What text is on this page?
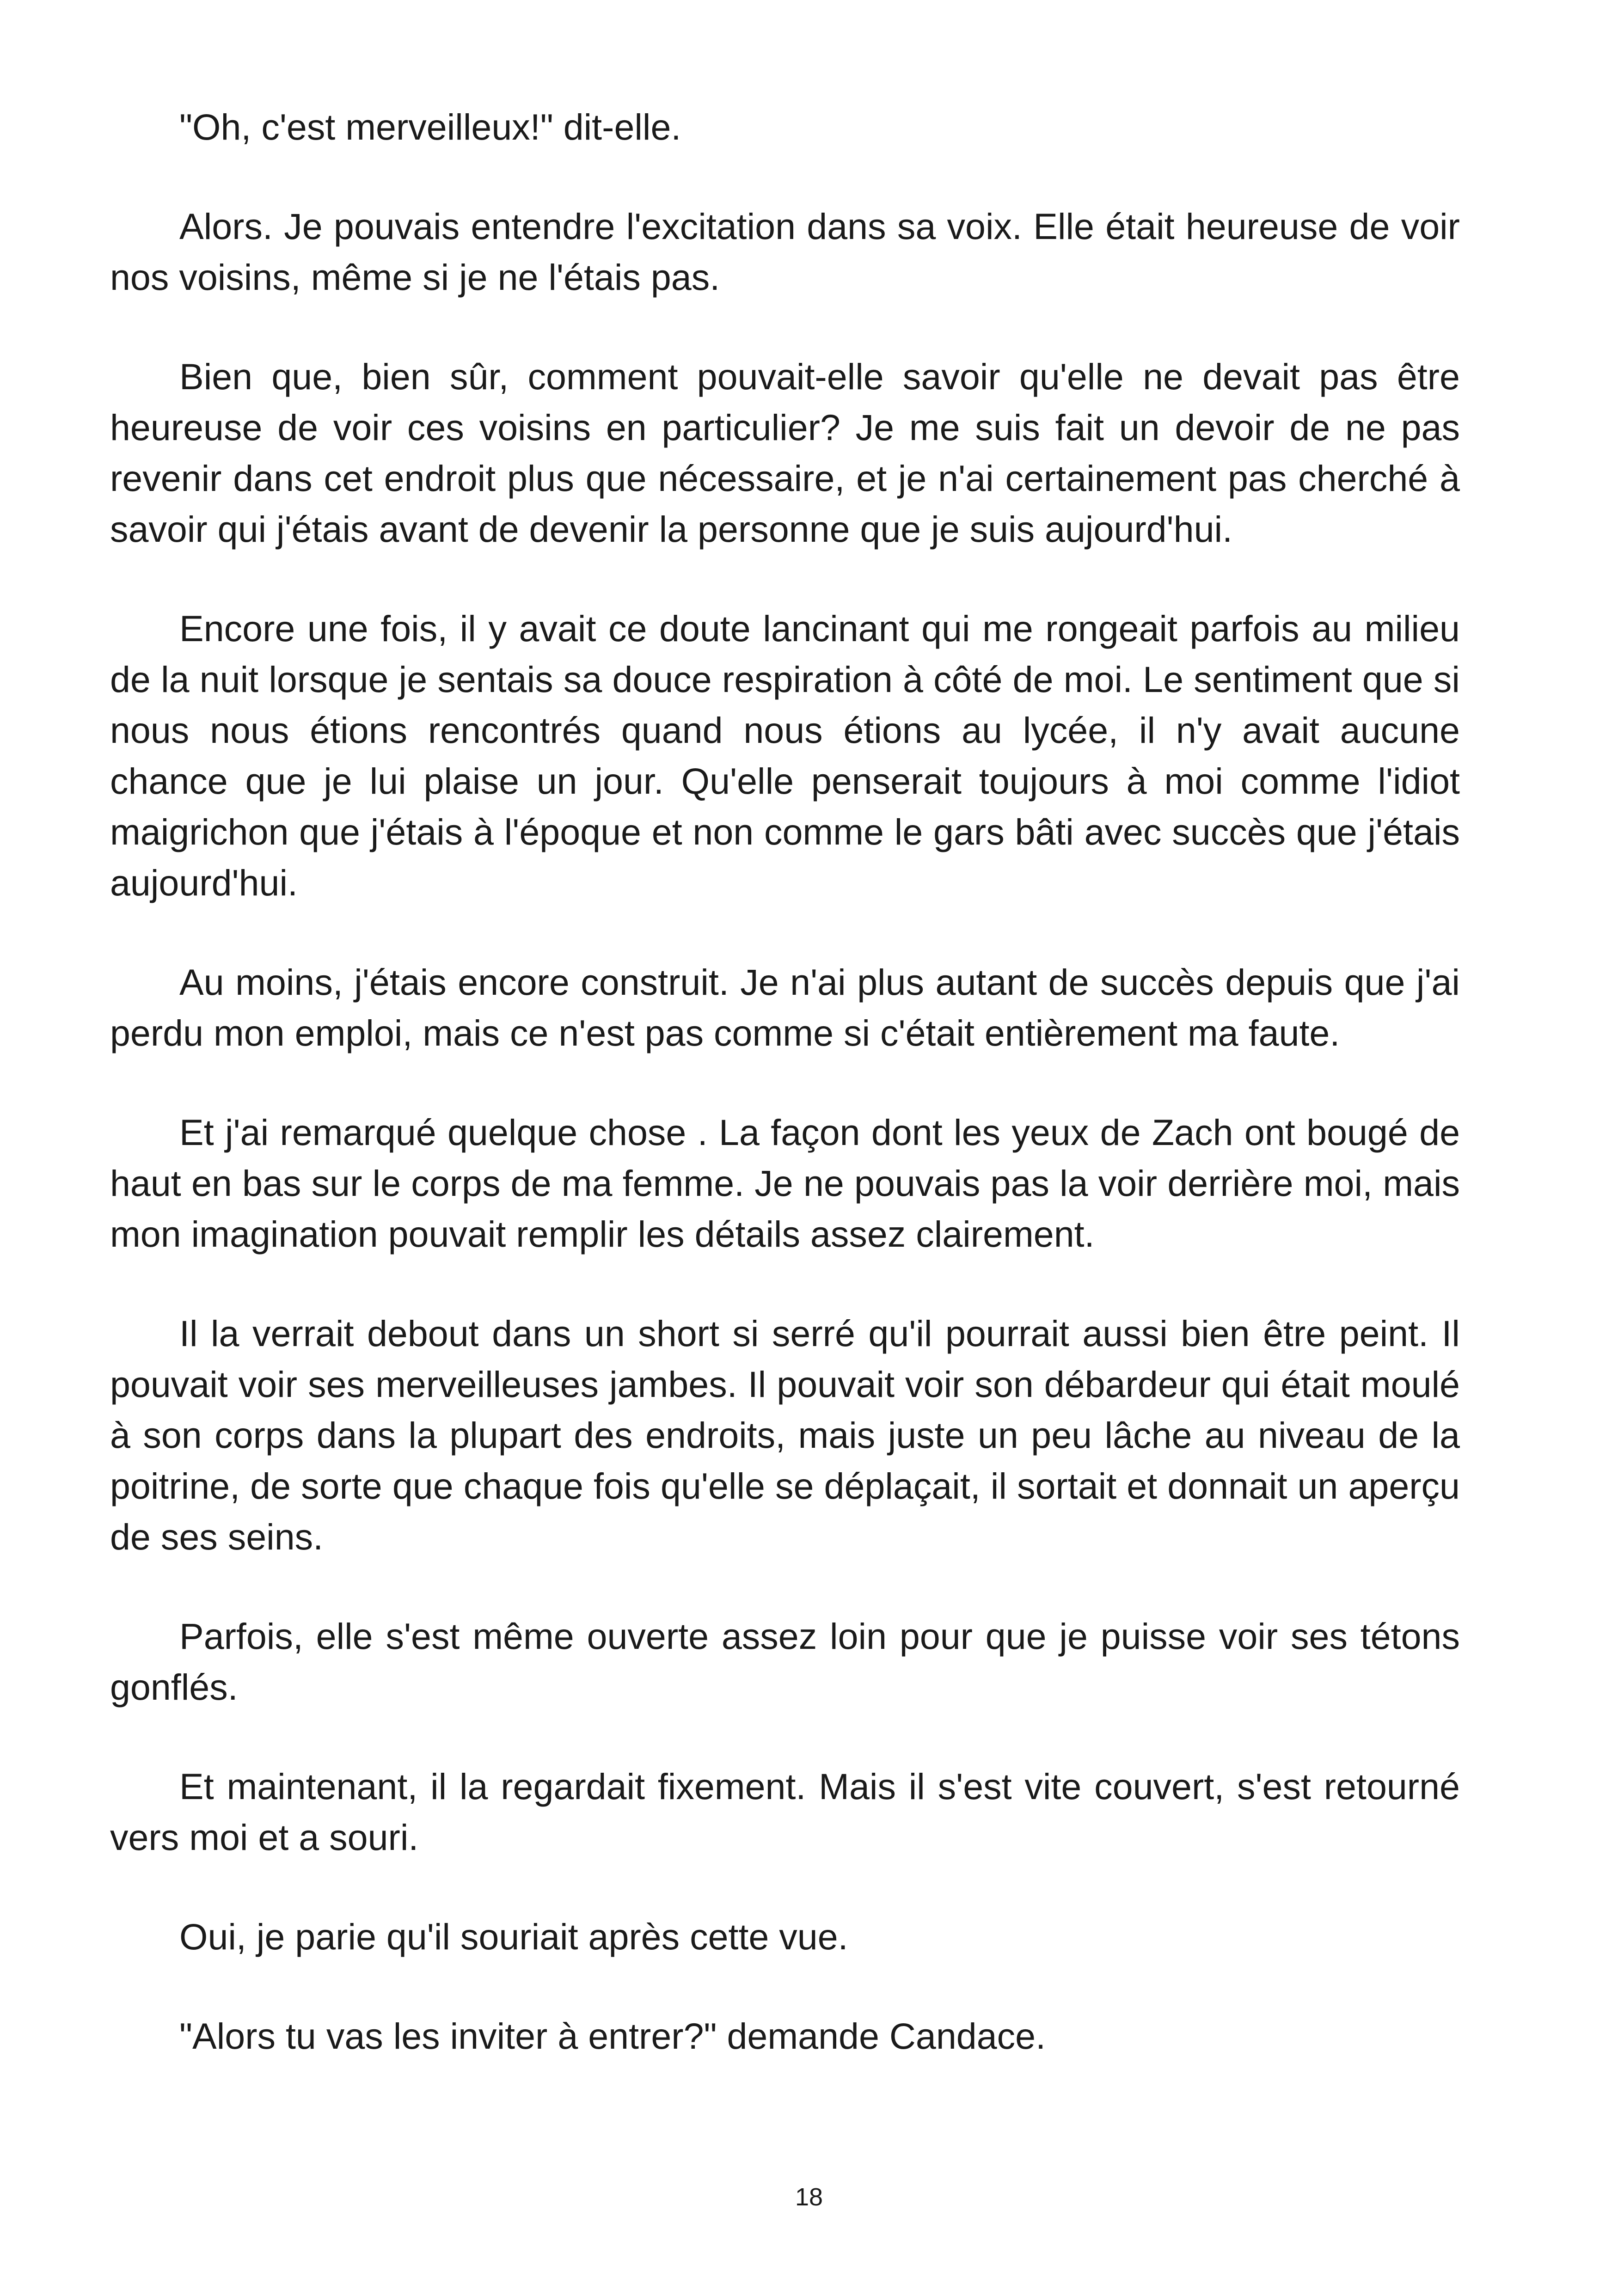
"Oh, c'est merveilleux!" dit-elle.

Alors. Je pouvais entendre l'excitation dans sa voix. Elle était heureuse de voir nos voisins, même si je ne l'étais pas.

Bien que, bien sûr, comment pouvait-elle savoir qu'elle ne devait pas être heureuse de voir ces voisins en particulier? Je me suis fait un devoir de ne pas revenir dans cet endroit plus que nécessaire, et je n'ai certainement pas cherché à savoir qui j'étais avant de devenir la personne que je suis aujourd'hui.

Encore une fois, il y avait ce doute lancinant qui me rongeait parfois au milieu de la nuit lorsque je sentais sa douce respiration à côté de moi. Le sentiment que si nous nous étions rencontrés quand nous étions au lycée, il n'y avait aucune chance que je lui plaise un jour. Qu'elle penserait toujours à moi comme l'idiot maigrichon que j'étais à l'époque et non comme le gars bâti avec succès que j'étais aujourd'hui.

Au moins, j'étais encore construit. Je n'ai plus autant de succès depuis que j'ai perdu mon emploi, mais ce n'est pas comme si c'était entièrement ma faute.

Et j'ai remarqué quelque chose . La façon dont les yeux de Zach ont bougé de haut en bas sur le corps de ma femme. Je ne pouvais pas la voir derrière moi, mais mon imagination pouvait remplir les détails assez clairement.

Il la verrait debout dans un short si serré qu'il pourrait aussi bien être peint. Il pouvait voir ses merveilleuses jambes. Il pouvait voir son débardeur qui était moulé à son corps dans la plupart des endroits, mais juste un peu lâche au niveau de la poitrine, de sorte que chaque fois qu'elle se déplaçait, il sortait et donnait un aperçu de ses seins.

Parfois, elle s'est même ouverte assez loin pour que je puisse voir ses tétons gonflés.

Et maintenant, il la regardait fixement. Mais il s'est vite couvert, s'est retourné vers moi et a souri.

Oui, je parie qu'il souriait après cette vue.

"Alors tu vas les inviter à entrer?" demande Candace.

18
